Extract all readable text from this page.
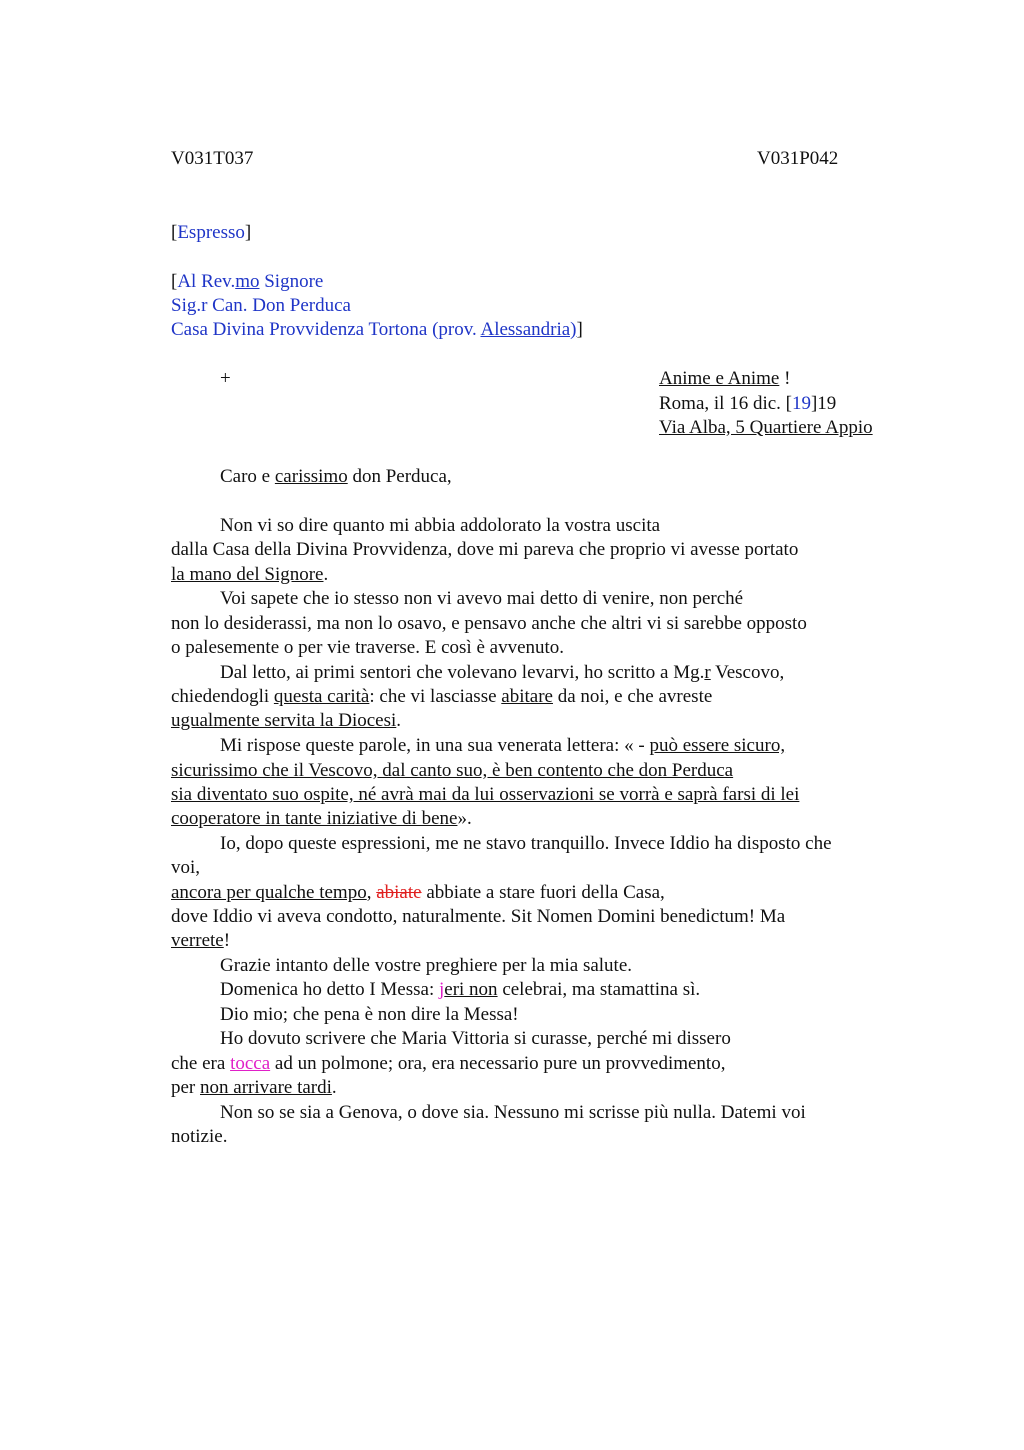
V031T037	V031P042
[Espresso]
[Al Rev.mo Signore
Sig.r Can. Don Perduca
Casa Divina Provvidenza Tortona (prov. Alessandria)]
+	Anime e Anime !
Roma, il 16 dic. [19]19
Via Alba, 5 Quartiere Appio
Caro e carissimo don Perduca,
Non vi so dire quanto mi abbia addolorato la vostra uscita
dalla Casa della Divina Provvidenza, dove mi pareva che proprio vi avesse portato
la mano del Signore.
Voi sapete che io stesso non vi avevo mai detto di venire, non perché
non lo desiderassi, ma non lo osavo, e pensavo anche che altri vi si sarebbe opposto
o palesemente o per vie traverse. E così è avvenuto.
Dal letto, ai primi sentori che volevano levarvi, ho scritto a Mg.r Vescovo,
chiedendogli questa carità: che vi lasciasse abitare da noi, e che avreste
ugualmente servita la Diocesi.
Mi rispose queste parole, in una sua venerata lettera: « - può essere sicuro,
sicurissimo che il Vescovo, dal canto suo, è ben contento che don Perduca
sia diventato suo ospite, né avrà mai da lui osservazioni se vorrà e saprà farsi di lei
cooperatore in tante iniziative di bene».
Io, dopo queste espressioni, me ne stavo tranquillo. Invece Iddio ha disposto che
voi,
ancora per qualche tempo, abiate abbiate a stare fuori della Casa,
dove Iddio vi aveva condotto, naturalmente. Sit Nomen Domini benedictum! Ma
verrete!
Grazie intanto delle vostre preghiere per la mia salute.
Domenica ho detto I Messa: jeri non celebrai, ma stamattina sì.
Dio mio; che pena è non dire la Messa!
Ho dovuto scrivere che Maria Vittoria si curasse, perché mi dissero
che era tocca ad un polmone; ora, era necessario pure un provvedimento,
per non arrivare tardi.
Non so se sia a Genova, o dove sia. Nessuno mi scrisse più nulla. Datemi voi
notizie.
